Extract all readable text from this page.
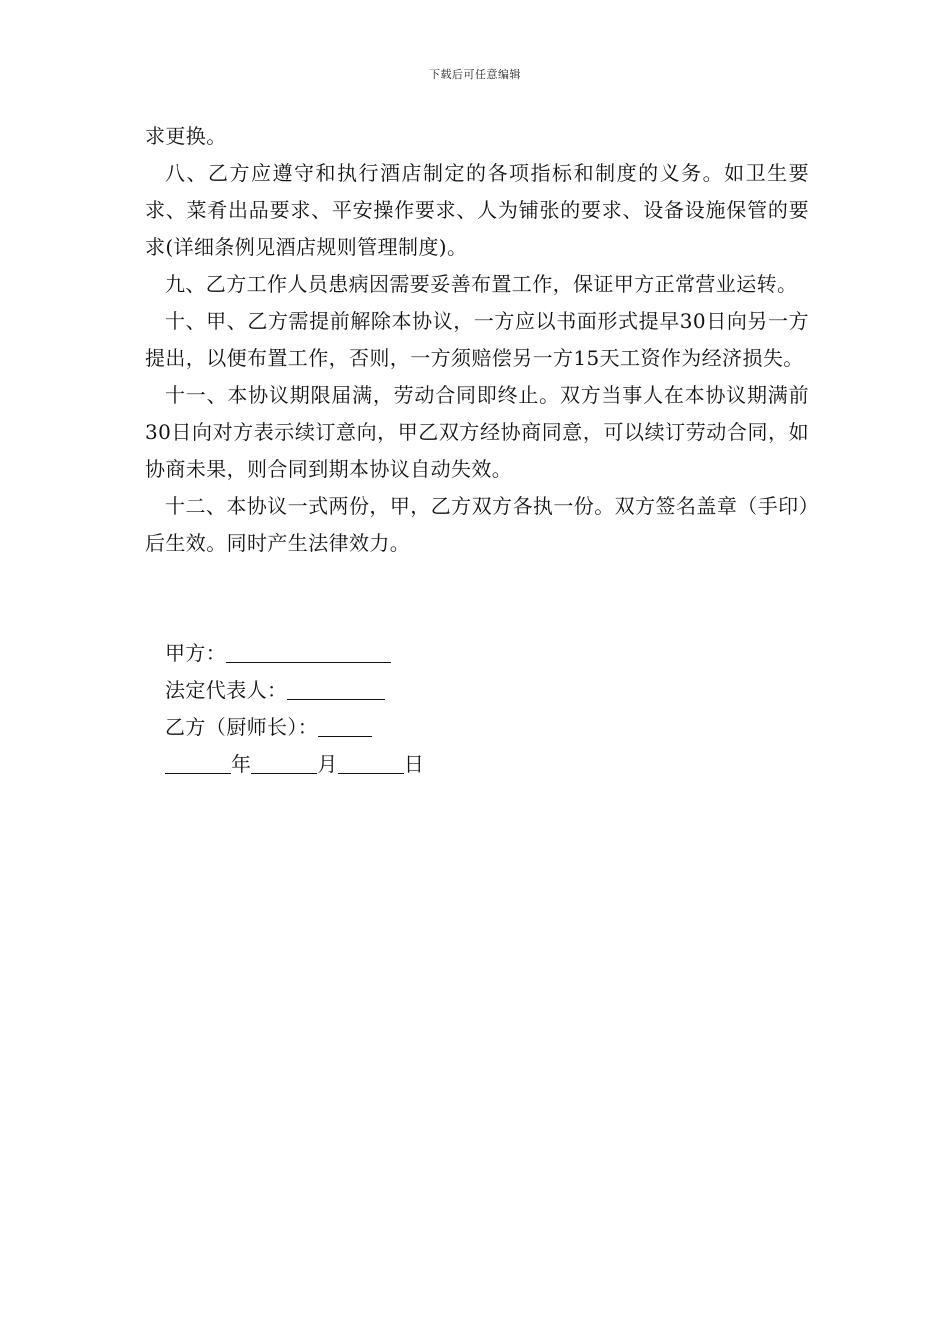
下载后可任意编辑

求更换。

八、乙方应遵守和执行酒店制定的各项指标和制度的义务。如卫生要求、菜肴出品要求、平安操作要求、人为铺张的要求、设备设施保管的要求(详细条例见酒店规则管理制度)。

九、乙方工作人员患病因需要妥善布置工作，保证甲方正常营业运转。

十、甲、乙方需提前解除本协议，一方应以书面形式提早30日向另一方提出，以便布置工作，否则，一方须赔偿另一方15天工资作为经济损失。

十一、本协议期限届满，劳动合同即终止。双方当事人在本协议期满前30日向对方表示续订意向，甲乙双方经协商同意，可以续订劳动合同，如协商未果，则合同到期本协议自动失效。

十二、本协议一式两份，甲，乙方双方各执一份。双方签名盖章（手印）后生效。同时产生法律效力。

甲方：
法定代表人：
乙方（厨师长）：
年	月	日
